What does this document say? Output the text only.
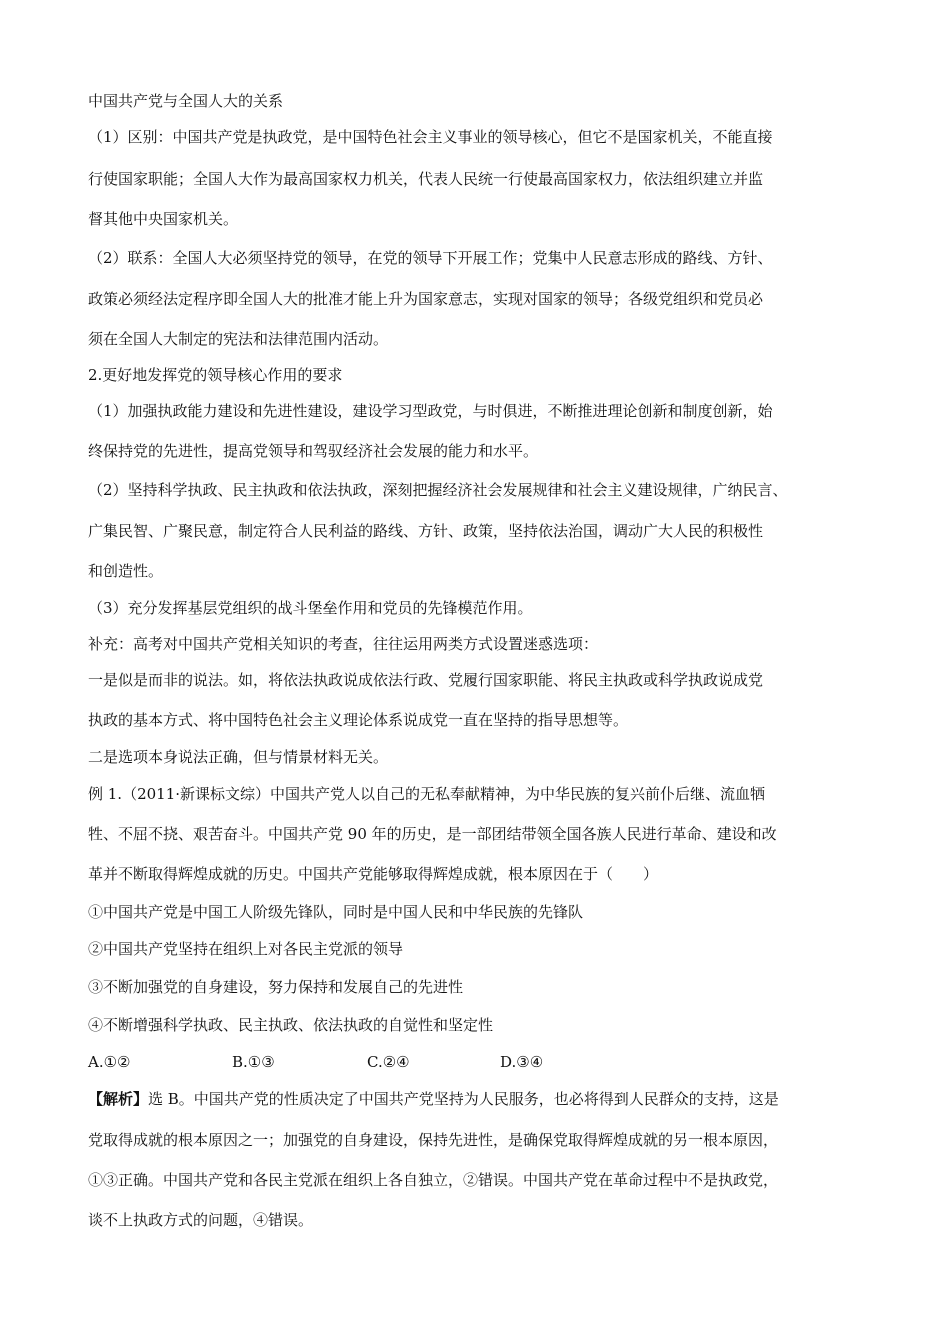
中国共产党与全国人大的关系
（1）区别：中国共产党是执政党，是中国特色社会主义事业的领导核心，但它不是国家机关，不能直接
行使国家职能；全国人大作为最高国家权力机关，代表人民统一行使最高国家权力，依法组织建立并监
督其他中央国家机关。
（2）联系：全国人大必须坚持党的领导，在党的领导下开展工作；党集中人民意志形成的路线、方针、
政策必须经法定程序即全国人大的批准才能上升为国家意志，实现对国家的领导；各级党组织和党员必
须在全国人大制定的宪法和法律范围内活动。
2.更好地发挥党的领导核心作用的要求
（1）加强执政能力建设和先进性建设，建设学习型政党，与时俱进，不断推进理论创新和制度创新，始
终保持党的先进性，提高党领导和驾驭经济社会发展的能力和水平。
（2）坚持科学执政、民主执政和依法执政，深刻把握经济社会发展规律和社会主义建设规律，广纳民言、
广集民智、广聚民意，制定符合人民利益的路线、方针、政策，坚持依法治国，调动广大人民的积极性
和创造性。
（3）充分发挥基层党组织的战斗堡垒作用和党员的先锋模范作用。
补充：高考对中国共产党相关知识的考查，往往运用两类方式设置迷惑选项：
一是似是而非的说法。如，将依法执政说成依法行政、党履行国家职能、将民主执政或科学执政说成党
执政的基本方式、将中国特色社会主义理论体系说成党一直在坚持的指导思想等。
二是选项本身说法正确，但与情景材料无关。
例 1.（2011·新课标文综）中国共产党人以自己的无私奉献精神，为中华民族的复兴前仆后继、流血牺
牲、不屈不挠、艰苦奋斗。中国共产党 90 年的历史，是一部团结带领全国各族人民进行革命、建设和改
革并不断取得辉煌成就的历史。中国共产党能够取得辉煌成就，根本原因在于（　　）
①中国共产党是中国工人阶级先锋队，同时是中国人民和中华民族的先锋队
②中国共产党坚持在组织上对各民主党派的领导
③不断加强党的自身建设，努力保持和发展自己的先进性
④不断增强科学执政、民主执政、依法执政的自觉性和坚定性
A.①②	B.①③	C.②④	D.③④
【解析】选 B。中国共产党的性质决定了中国共产党坚持为人民服务，也必将得到人民群众的支持，这是
党取得成就的根本原因之一；加强党的自身建设，保持先进性，是确保党取得辉煌成就的另一根本原因，
①③正确。中国共产党和各民主党派在组织上各自独立，②错误。中国共产党在革命过程中不是执政党，
谈不上执政方式的问题，④错误。
